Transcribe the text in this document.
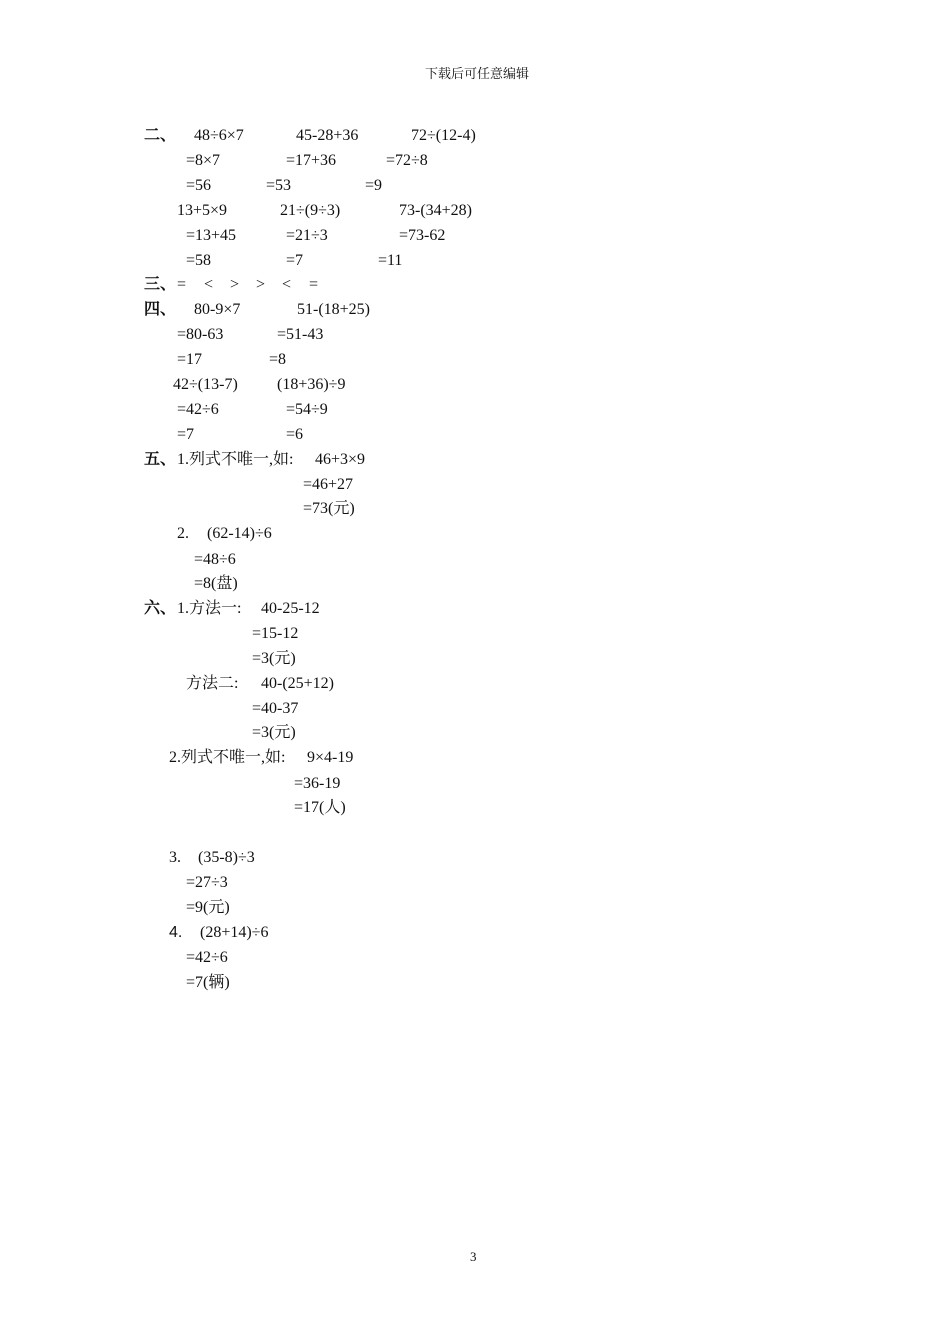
下载后可任意编辑
二、 48÷6×7	45-28+36	72÷(12-4)
=8×7	=17+36	=72÷8
=56	=53	=9
13+5×9	21÷(9÷3)	73-(34+28)
=13+45	=21÷3	=73-62
=58	=7	=11
三、 = < > > < =
四、 80-9×7	51-(18+25)
=80-63	=51-43
=17	=8
42÷(13-7) (18+36)÷9
=42÷6	=54÷9
=7	=6
五、 1.列式不唯一,如: 46+3×9
=46+27
=73(元)
2. (62-14)÷6
=48÷6
=8(盘)
六、 1.方法一: 40-25-12
=15-12
=3(元)
方法二: 40-(25+12)
=40-37
=3(元)
2.列式不唯一,如: 9×4-19
=36-19
=17(人)
3. (35-8)÷3
=27÷3
=9(元)
4. (28+14)÷6
=42÷6
=7(辆)
3
